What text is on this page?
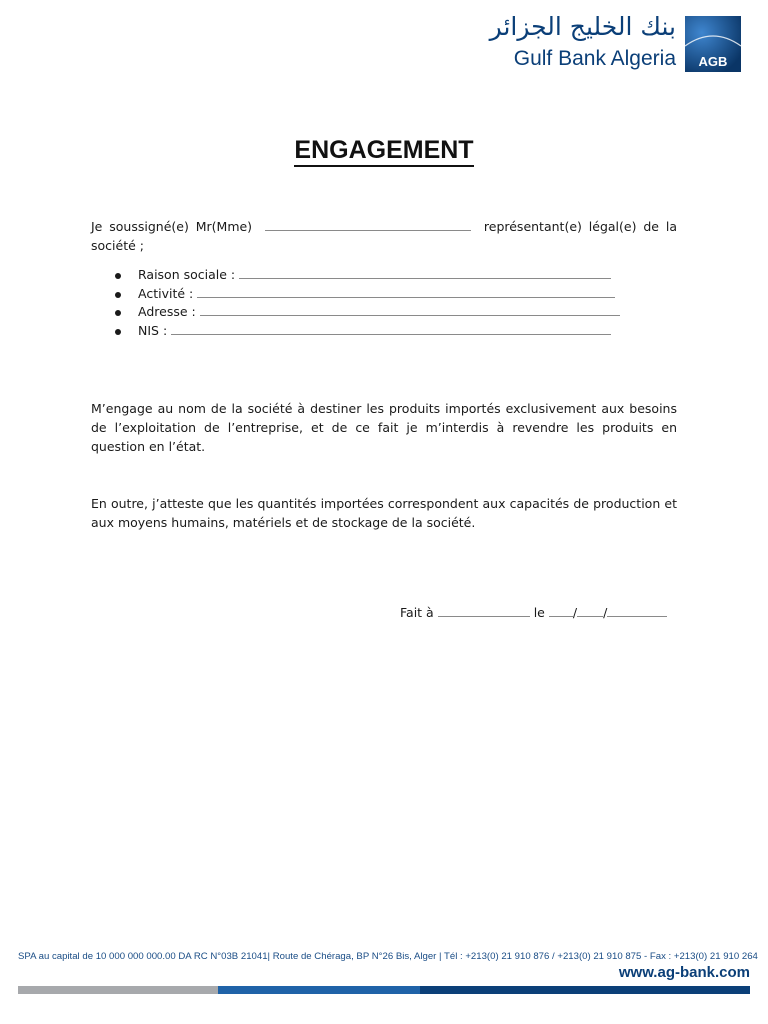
بنك الخليج الجزائر
Gulf Bank Algeria AGB
ENGAGEMENT
Je soussigné(e) Mr(Mme)	représentant(e) légal(e) de la société ;
Raison sociale :
Activité :
Adresse :
NIS :
M’engage au nom de la société à destiner les produits importés exclusivement aux besoins de l’exploitation de l’entreprise, et de ce fait je m’interdis à revendre les produits en question en l’état.
En outre, j’atteste que les quantités importées correspondent aux capacités de production et aux moyens humains, matériels et de stockage de la société.
Fait à	le / /
SPA au capital de 10 000 000 000.00 DA RC N°03B 21041| Route de Chéraga, BP N°26 Bis, Alger | Tél : +213(0) 21 910 876 / +213(0) 21 910 875 - Fax : +213(0) 21 910 264
www.ag-bank.com
